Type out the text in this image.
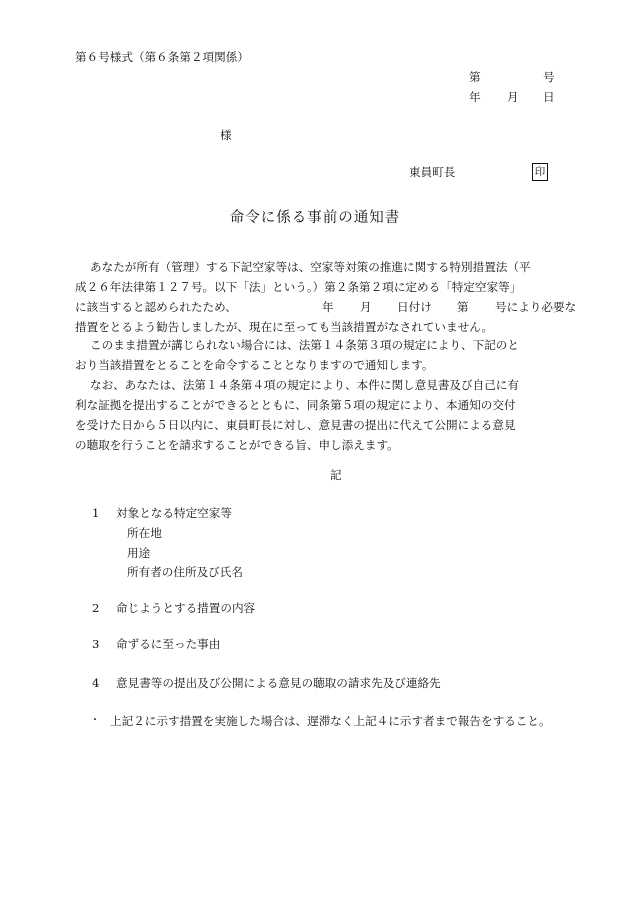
第６号様式（第６条第２項関係）
第	号
年 月 日
様
東員町長	印
命令に係る事前の通知書
あなたが所有（管理）する下記空家等は、空家等対策の推進に関する特別措置法（平
成２６年法律第１２７号。以下「法」という。）第２条第２項に定める「特定空家等」
に該当すると認められたため、	年 月 日付け 第 号により必要な
措置をとるよう勧告しましたが、現在に至っても当該措置がなされていません。
このまま措置が講じられない場合には、法第１４条第３項の規定により、下記のと
おり当該措置をとることを命令することとなりますので通知します。
なお、あなたは、法第１４条第４項の規定により、本件に関し意見書及び自己に有
利な証拠を提出することができるとともに、同条第５項の規定により、本通知の交付
を受けた日から５日以内に、東員町長に対し、意見書の提出に代えて公開による意見
の聴取を行うことを請求することができる旨、申し添えます。
記
1 対象となる特定空家等
所在地
用途
所有者の住所及び氏名
2 命じようとする措置の内容
3 命ずるに至った事由
4 意見書等の提出及び公開による意見の聴取の請求先及び連絡先
・ 上記２に示す措置を実施した場合は、遅滞なく上記４に示す者まで報告をすること。
